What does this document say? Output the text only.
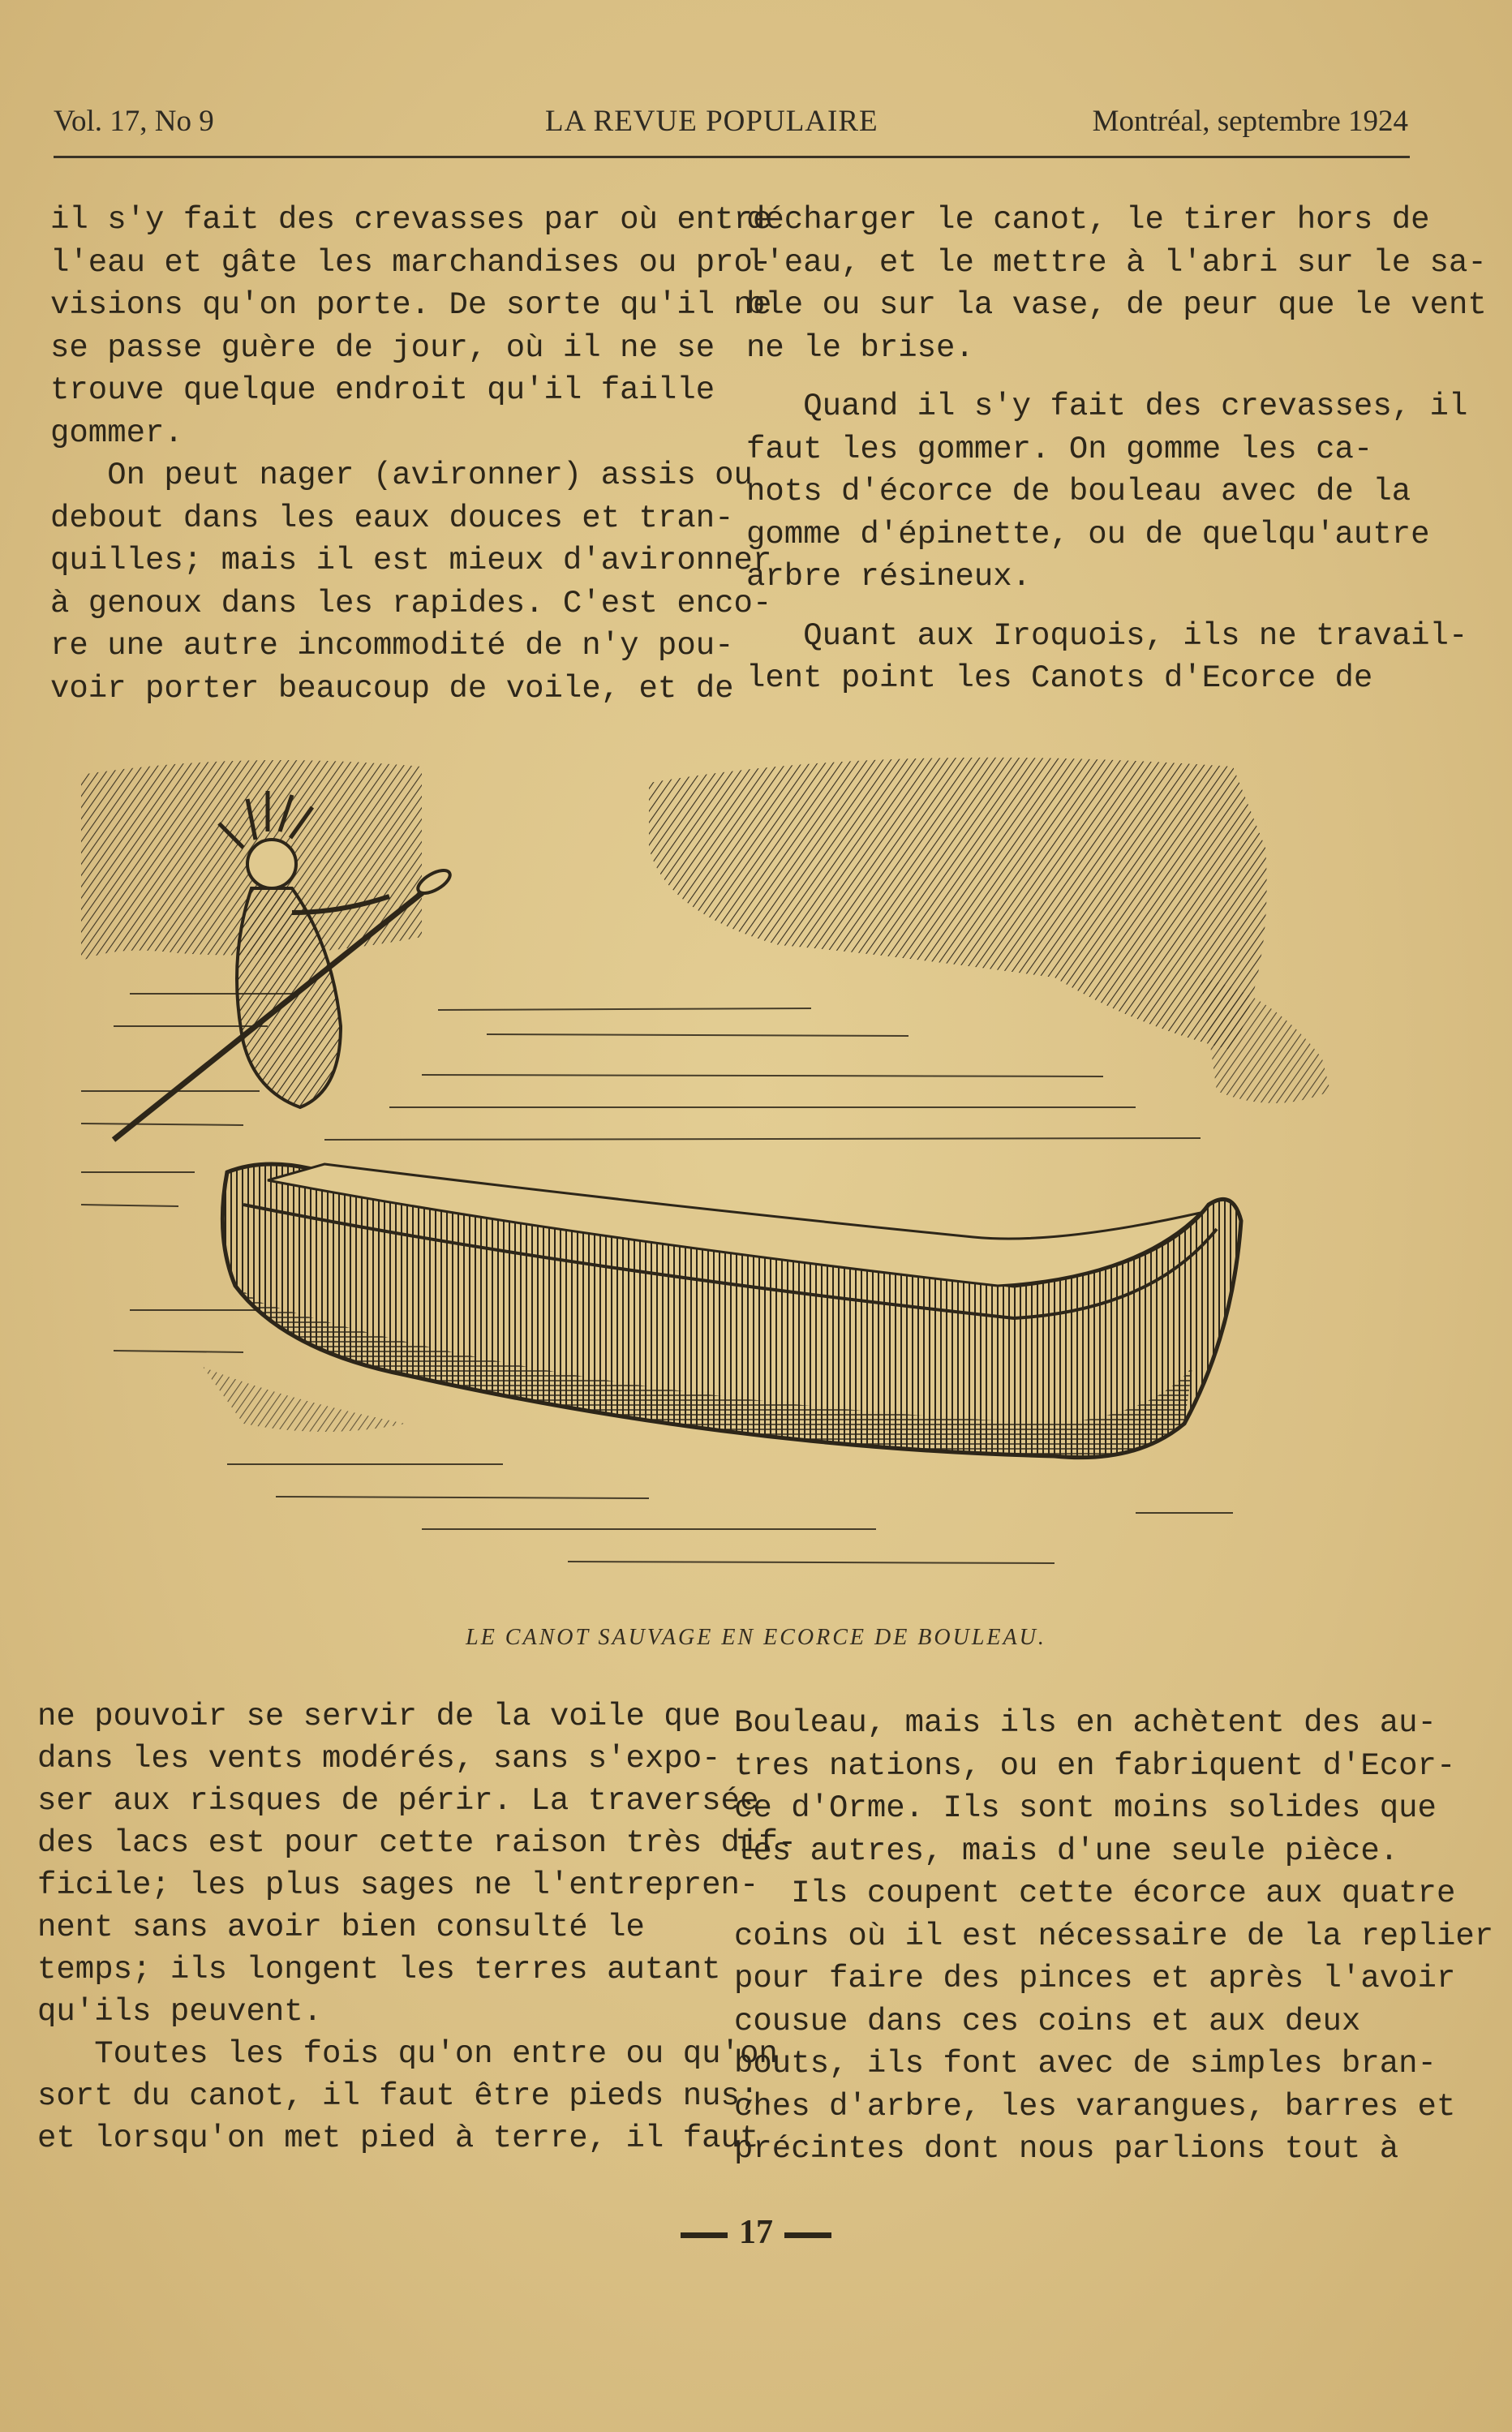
Vol. 17, No 9	LA REVUE POPULAIRE	Montréal, septembre 1924

il s'y fait des crevasses par où entre

l'eau et gâte les marchandises ou pro-

visions qu'on porte. De sorte qu'il ne

se passe guère de jour, où il ne se

trouve quelque endroit qu'il faille

gommer.

On peut nager (avironner) assis ou

debout dans les eaux douces et tran-

quilles; mais il est mieux d'avironner

à genoux dans les rapides. C'est enco-

re une autre incommodité de n'y pou-

voir porter beaucoup de voile, et de

décharger le canot, le tirer hors de

l'eau, et le mettre à l'abri sur le sa-

ble ou sur la vase, de peur que le vent

ne le brise.

Quand il s'y fait des crevasses, il

faut les gommer. On gomme les ca-

nots d'écorce de bouleau avec de la

gomme d'épinette, ou de quelqu'autre

arbre résineux.

Quant aux Iroquois, ils ne travail-

lent point les Canots d'Ecorce de

LE CANOT SAUVAGE EN ECORCE DE BOULEAU.

ne pouvoir se servir de la voile que

dans les vents modérés, sans s'expo-

ser aux risques de périr. La traversée

des lacs est pour cette raison très dif-

ficile; les plus sages ne l'entrepren-

nent sans avoir bien consulté le

temps; ils longent les terres autant

qu'ils peuvent.

Toutes les fois qu'on entre ou qu'on

sort du canot, il faut être pieds nus;

et lorsqu'on met pied à terre, il faut

Bouleau, mais ils en achètent des au-

tres nations, ou en fabriquent d'Ecor-

ce d'Orme. Ils sont moins solides que

les autres, mais d'une seule pièce.

Ils coupent cette écorce aux quatre

coins où il est nécessaire de la replier

pour faire des pinces et après l'avoir

cousue dans ces coins et aux deux

bouts, ils font avec de simples bran-

ches d'arbre, les varangues, barres et

précintes dont nous parlions tout à

17
